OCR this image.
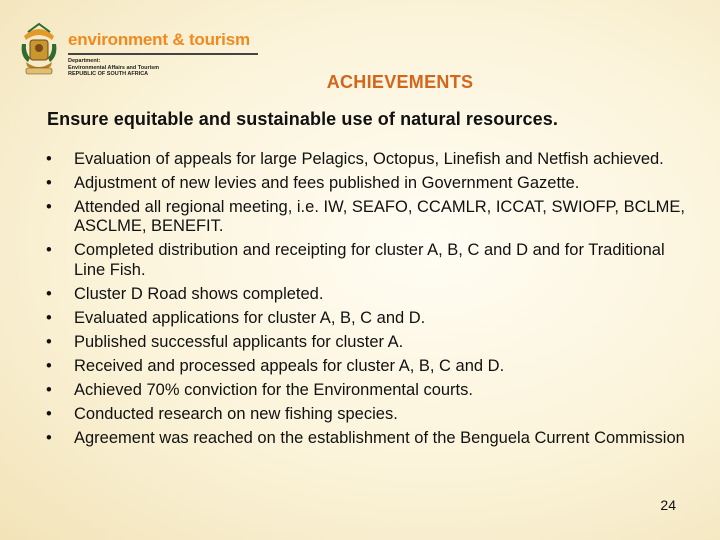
environment & tourism
Department:
Environmental Affairs and Tourism
REPUBLIC OF SOUTH AFRICA	ACHIEVEMENTS
Ensure equitable and sustainable use of natural resources.
•	Evaluation of appeals for large Pelagics, Octopus, Linefish and Netfish achieved.
•	Adjustment of new levies and fees published in Government Gazette.
•	Attended all regional meeting, i.e. IW, SEAFO, CCAMLR, ICCAT, SWIOFP, BCLME, ASCLME, BENEFIT.
•	Completed distribution and receipting for cluster A, B, C and D and for Traditional Line Fish.
•	Cluster D Road shows completed.
•	Evaluated applications for cluster A, B, C and D.
•	Published successful applicants for cluster A.
•	Received and processed appeals for cluster A, B, C and D.
•	Achieved 70% conviction for the Environmental courts.
•	Conducted research on new fishing species.
•	Agreement was reached on the establishment of the Benguela Current Commission
24
